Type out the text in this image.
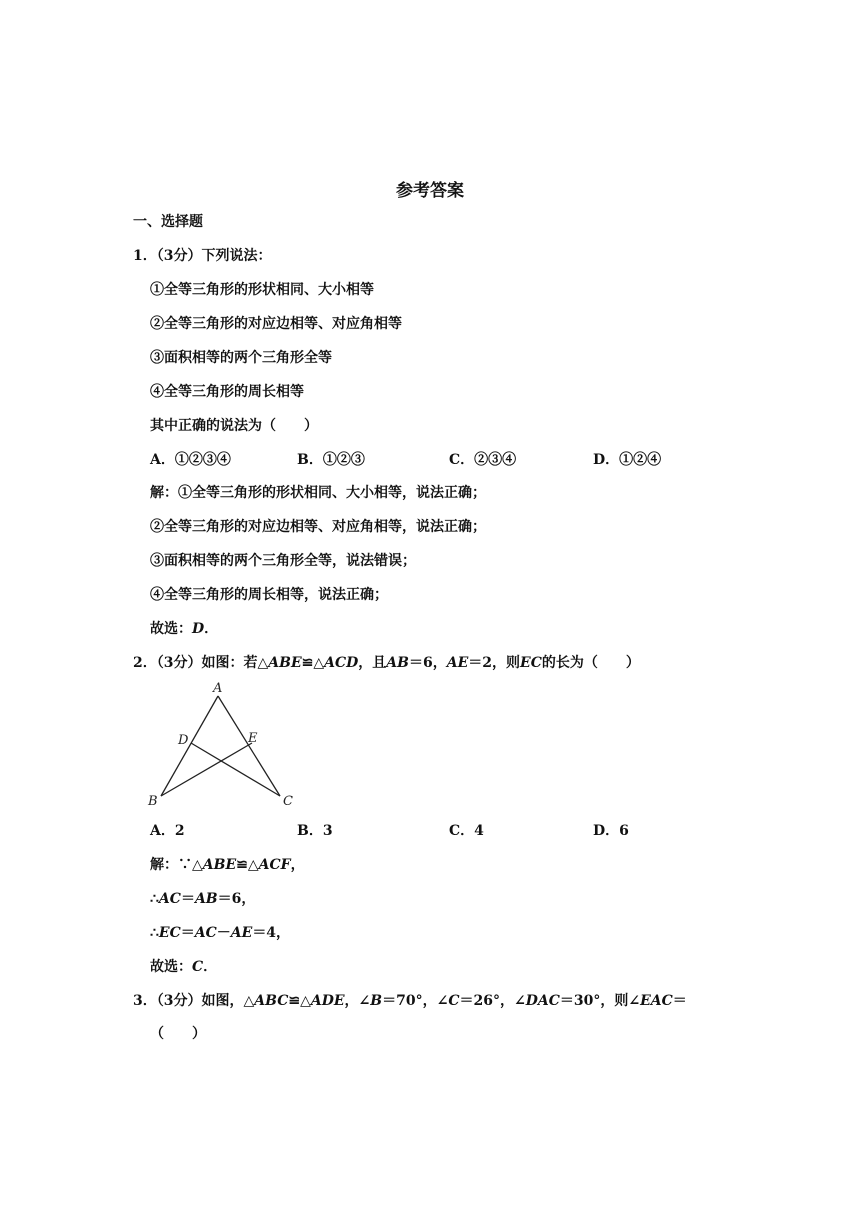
参考答案
一、选择题
1．（3分）下列说法：
①全等三角形的形状相同、大小相等
②全等三角形的对应边相等、对应角相等
③面积相等的两个三角形全等
④全等三角形的周长相等
其中正确的说法为（　　）
A．①②③④	B．①②③	C．②③④	D．①②④
解：①全等三角形的形状相同、大小相等，说法正确；
②全等三角形的对应边相等、对应角相等，说法正确；
③面积相等的两个三角形全等，说法错误；
④全等三角形的周长相等，说法正确；
故选：D．
2．（3分）如图：若△ABE≌△ACD，且AB＝6，AE＝2，则EC的长为（　　）
A
D	E
B	C
A．2	B．3	C．4	D．6
解：∵△ABE≌△ACF，
∴AC＝AB＝6，
∴EC＝AC－AE＝4，
故选：C．
3．（3分）如图，△ABC≌△ADE，∠B＝70°，∠C＝26°，∠DAC＝30°，则∠EAC＝
（　　）
